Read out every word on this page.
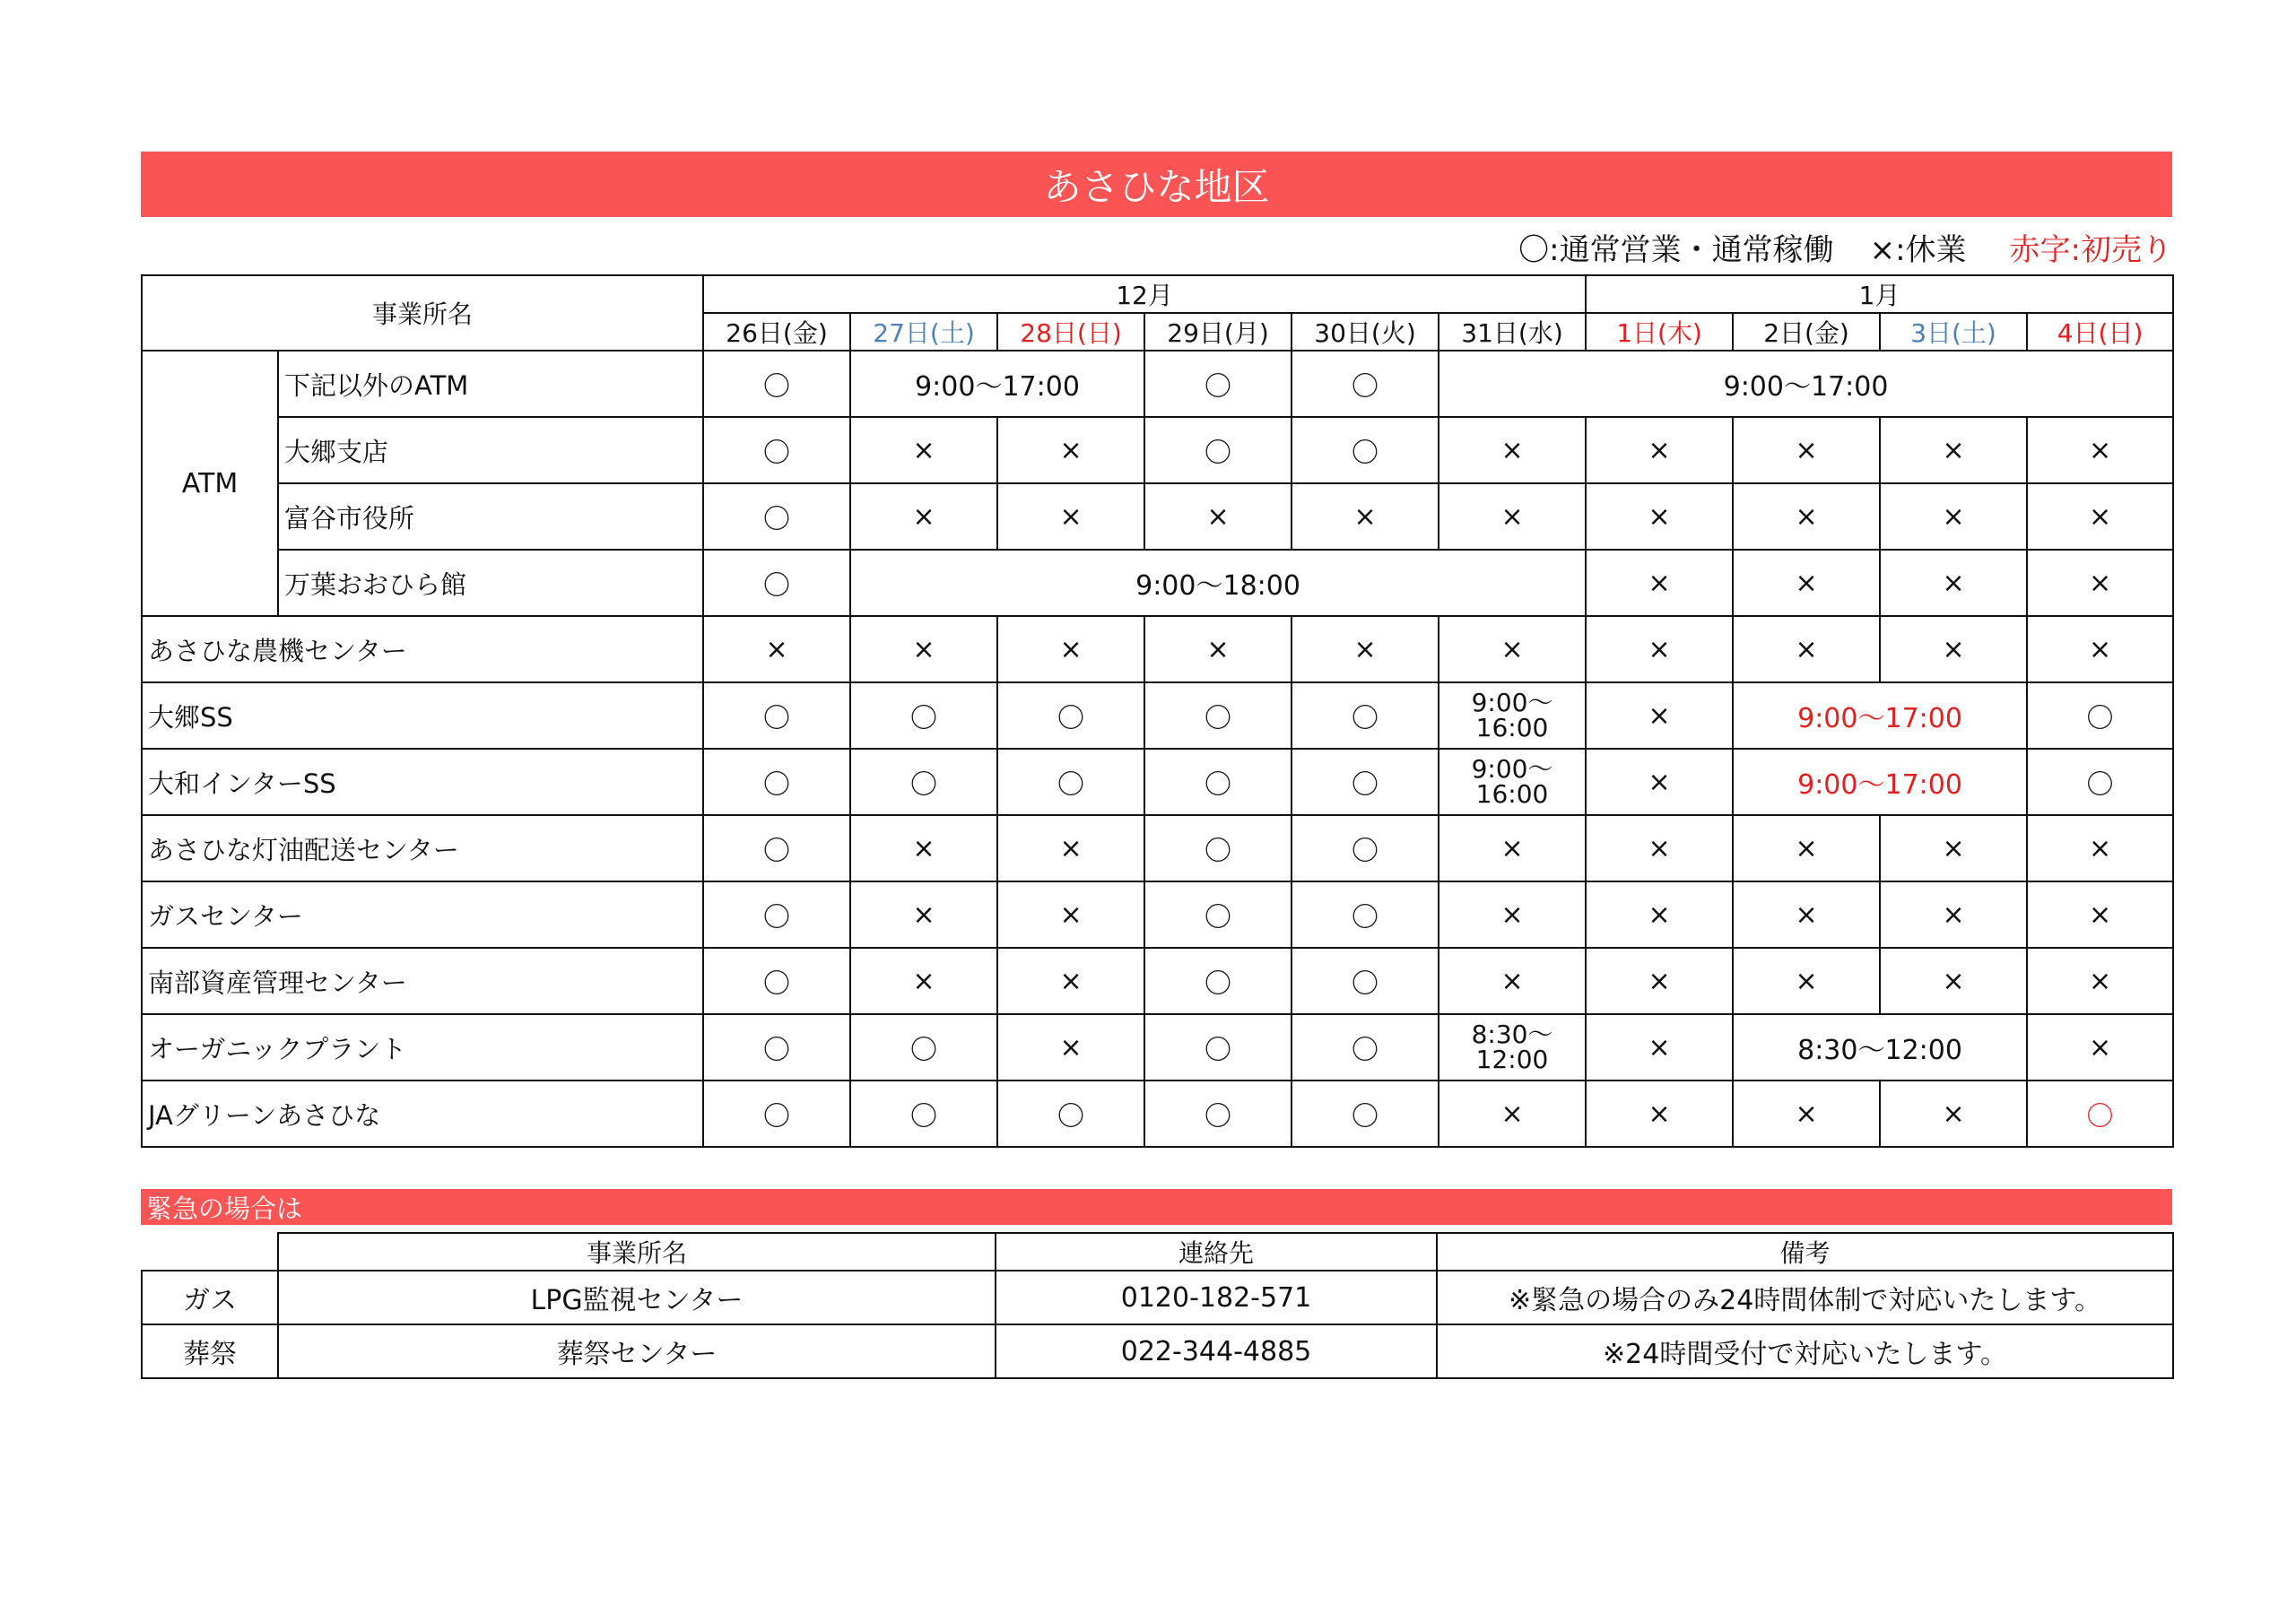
あさひな地区
〇:通常営業・通常稼働 ×:休業 赤字:初売り
事業所名		12月						1月			
		26日(金)	27日(土)	28日(日)	29日(月)	30日(火)	31日(水)	1日(木)	2日(金)	3日(土)	4日(日)
ATM	下記以外のATM	〇	9:00～17:00		〇	〇	9:00～17:00				
	大郷支店	〇	×	×	〇	〇	×	×	×	×	×
	富谷市役所	〇	×	×	×	×	×	×	×	×	×
	万葉おおひら館	〇	9:00～18:00					×	×	×	×
あさひな農機センター		×	×	×	×	×	×	×	×	×	×
大郷SS		〇	〇	〇	〇	〇	9:00～
16:00	×	9:00～17:00		〇
大和インターSS		〇	〇	〇	〇	〇	9:00～
16:00	×	9:00～17:00		〇
あさひな灯油配送センター		〇	×	×	〇	〇	×	×	×	×	×
ガスセンター		〇	×	×	〇	〇	×	×	×	×	×
南部資産管理センター		〇	×	×	〇	〇	×	×	×	×	×
オーガニックプラント		〇	〇	×	〇	〇	8:30～
12:00	×	8:30～12:00		×
JAグリーンあさひな		〇	〇	〇	〇	〇	×	×	×	×	〇
緊急の場合は
	事業所名	連絡先	備考
ガス	LPG監視センター	0120-182-571	※緊急の場合のみ24時間体制で対応いたします。
葬祭	葬祭センター	022-344-4885	※24時間受付で対応いたします。
